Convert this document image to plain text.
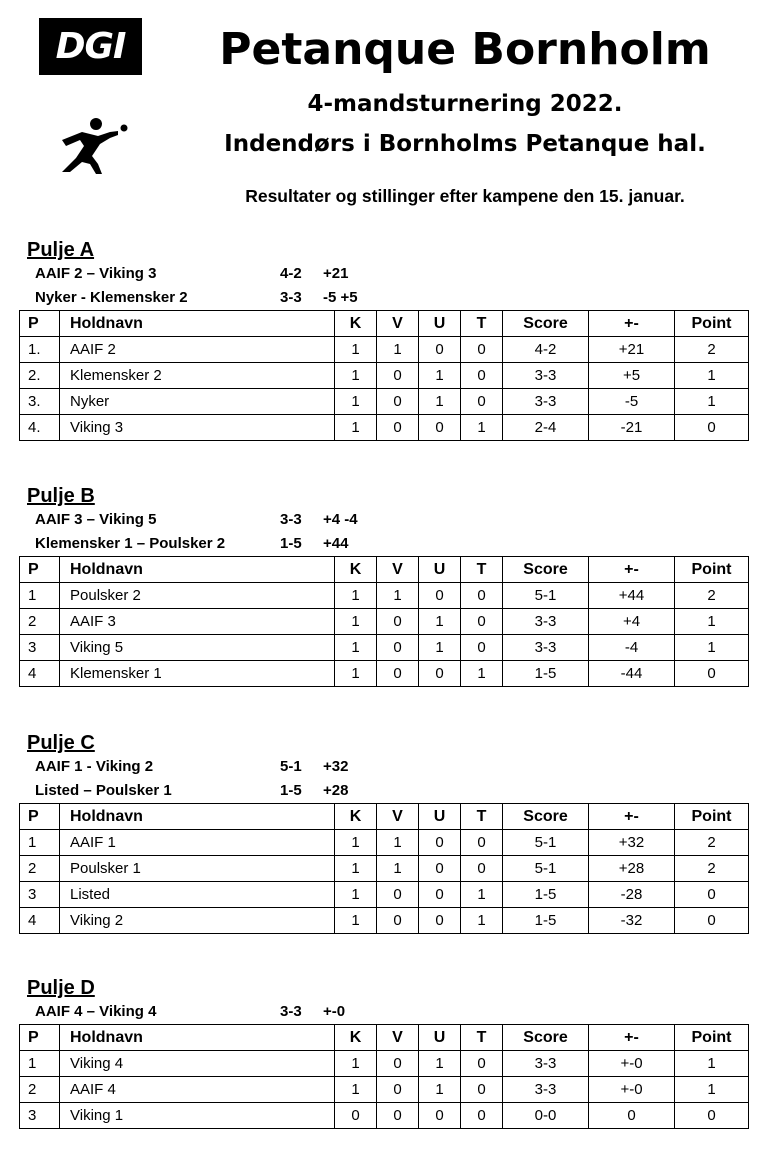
DGI	Petanque Bornholm
4-mandsturnering 2022.
Indendørs i Bornholms Petanque hal.
Resultater og stillinger efter kampene den 15. januar.
Pulje A
AAIF 2 – Viking 3	4-2 +21
Nyker - Klemensker 2	3-3 -5 +5
P	Holdnavn	K	V	U	T	Score	+-	Point
1.	AAIF 2	1	1	0	0	4-2	+21	2
2.	Klemensker 2	1	0	1	0	3-3	+5	1
3.	Nyker	1	0	1	0	3-3	-5	1
4.	Viking 3	1	0	0	1	2-4	-21	0
Pulje B
AAIF 3 – Viking 5	3-3 +4 -4
Klemensker 1 – Poulsker 2	1-5 +44
P	Holdnavn	K	V	U	T	Score	+-	Point
1	Poulsker 2	1	1	0	0	5-1	+44	2
2	AAIF 3	1	0	1	0	3-3	+4	1
3	Viking 5	1	0	1	0	3-3	-4	1
4	Klemensker 1	1	0	0	1	1-5	-44	0
Pulje C
AAIF 1 - Viking 2	5-1 +32
Listed – Poulsker 1	1-5 +28
P	Holdnavn	K	V	U	T	Score	+-	Point
1	AAIF 1	1	1	0	0	5-1	+32	2
2	Poulsker 1	1	1	0	0	5-1	+28	2
3	Listed	1	0	0	1	1-5	-28	0
4	Viking 2	1	0	0	1	1-5	-32	0
Pulje D
AAIF 4 – Viking 4	3-3 +-0
P	Holdnavn	K	V	U	T	Score	+-	Point
1	Viking 4	1	0	1	0	3-3	+-0	1
2	AAIF 4	1	0	1	0	3-3	+-0	1
3	Viking 1	0	0	0	0	0-0	0	0
